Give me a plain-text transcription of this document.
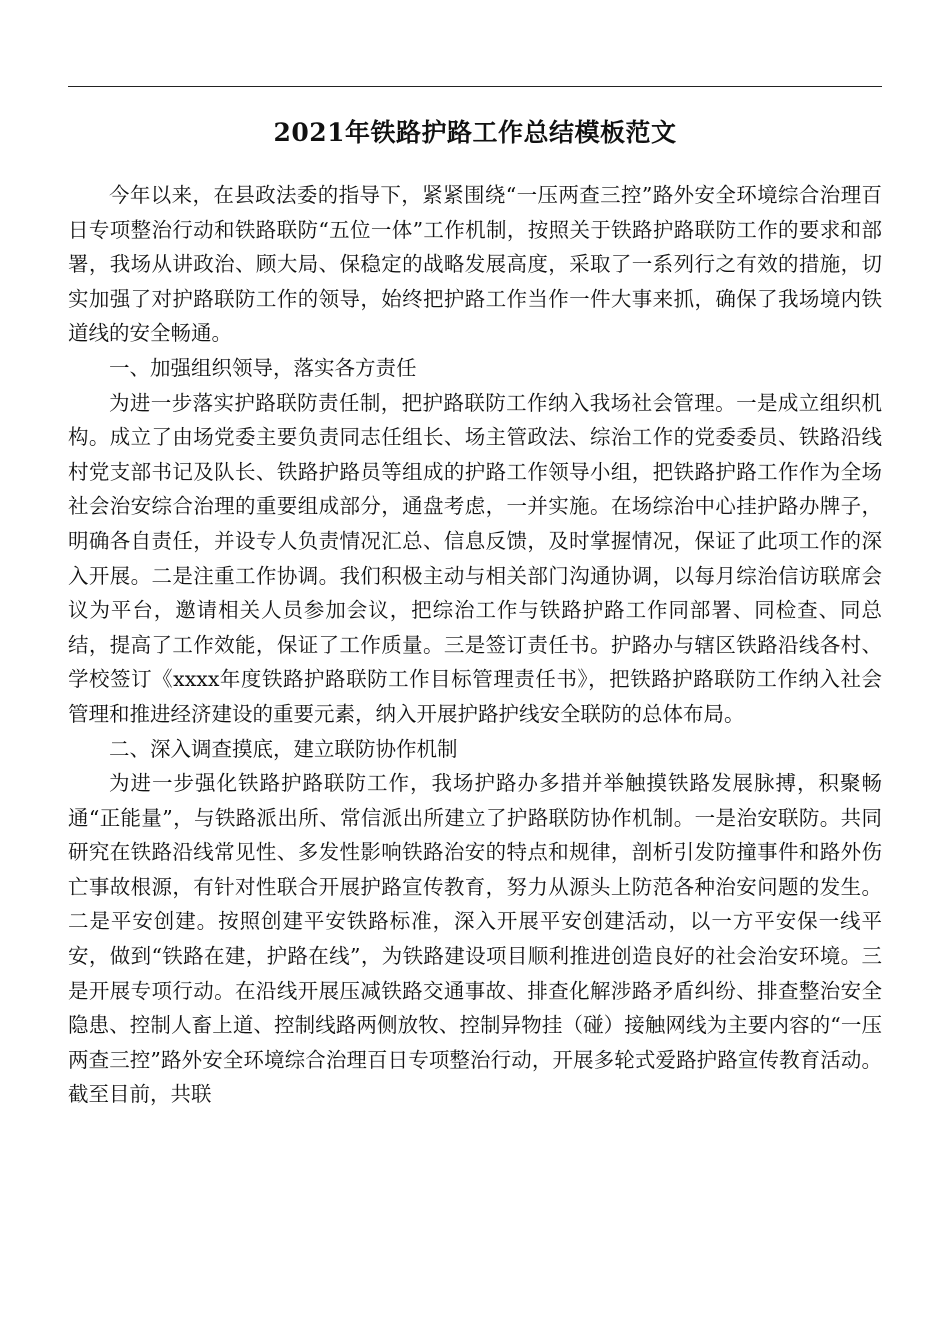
2021年铁路护路工作总结模板范文

今年以来，在县政法委的指导下，紧紧围绕“一压两查三控”路外安全环境综合治理百日专项整治行动和铁路联防“五位一体”工作机制，按照关于铁路护路联防工作的要求和部署，我场从讲政治、顾大局、保稳定的战略发展高度，采取了一系列行之有效的措施，切实加强了对护路联防工作的领导，始终把护路工作当作一件大事来抓，确保了我场境内铁道线的安全畅通。

一、加强组织领导，落实各方责任

为进一步落实护路联防责任制，把护路联防工作纳入我场社会管理。一是成立组织机构。成立了由场党委主要负责同志任组长、场主管政法、综治工作的党委委员、铁路沿线村党支部书记及队长、铁路护路员等组成的护路工作领导小组，把铁路护路工作作为全场社会治安综合治理的重要组成部分，通盘考虑，一并实施。在场综治中心挂护路办牌子，明确各自责任，并设专人负责情况汇总、信息反馈，及时掌握情况，保证了此项工作的深入开展。二是注重工作协调。我们积极主动与相关部门沟通协调，以每月综治信访联席会议为平台，邀请相关人员参加会议，把综治工作与铁路护路工作同部署、同检查、同总结，提高了工作效能，保证了工作质量。三是签订责任书。护路办与辖区铁路沿线各村、学校签订《xxxx年度铁路护路联防工作目标管理责任书》，把铁路护路联防工作纳入社会管理和推进经济建设的重要元素，纳入开展护路护线安全联防的总体布局。

二、深入调查摸底，建立联防协作机制

为进一步强化铁路护路联防工作，我场护路办多措并举触摸铁路发展脉搏，积聚畅通“正能量”，与铁路派出所、常信派出所建立了护路联防协作机制。一是治安联防。共同研究在铁路沿线常见性、多发性影响铁路治安的特点和规律，剖析引发防撞事件和路外伤亡事故根源，有针对性联合开展护路宣传教育，努力从源头上防范各种治安问题的发生。二是平安创建。按照创建平安铁路标准，深入开展平安创建活动，以一方平安保一线平安，做到“铁路在建，护路在线”，为铁路建设项目顺利推进创造良好的社会治安环境。三是开展专项行动。在沿线开展压减铁路交通事故、排查化解涉路矛盾纠纷、排查整治安全隐患、控制人畜上道、控制线路两侧放牧、控制异物挂（碰）接触网线为主要内容的“一压两查三控”路外安全环境综合治理百日专项整治行动，开展多轮式爱路护路宣传教育活动。截至目前，共联
